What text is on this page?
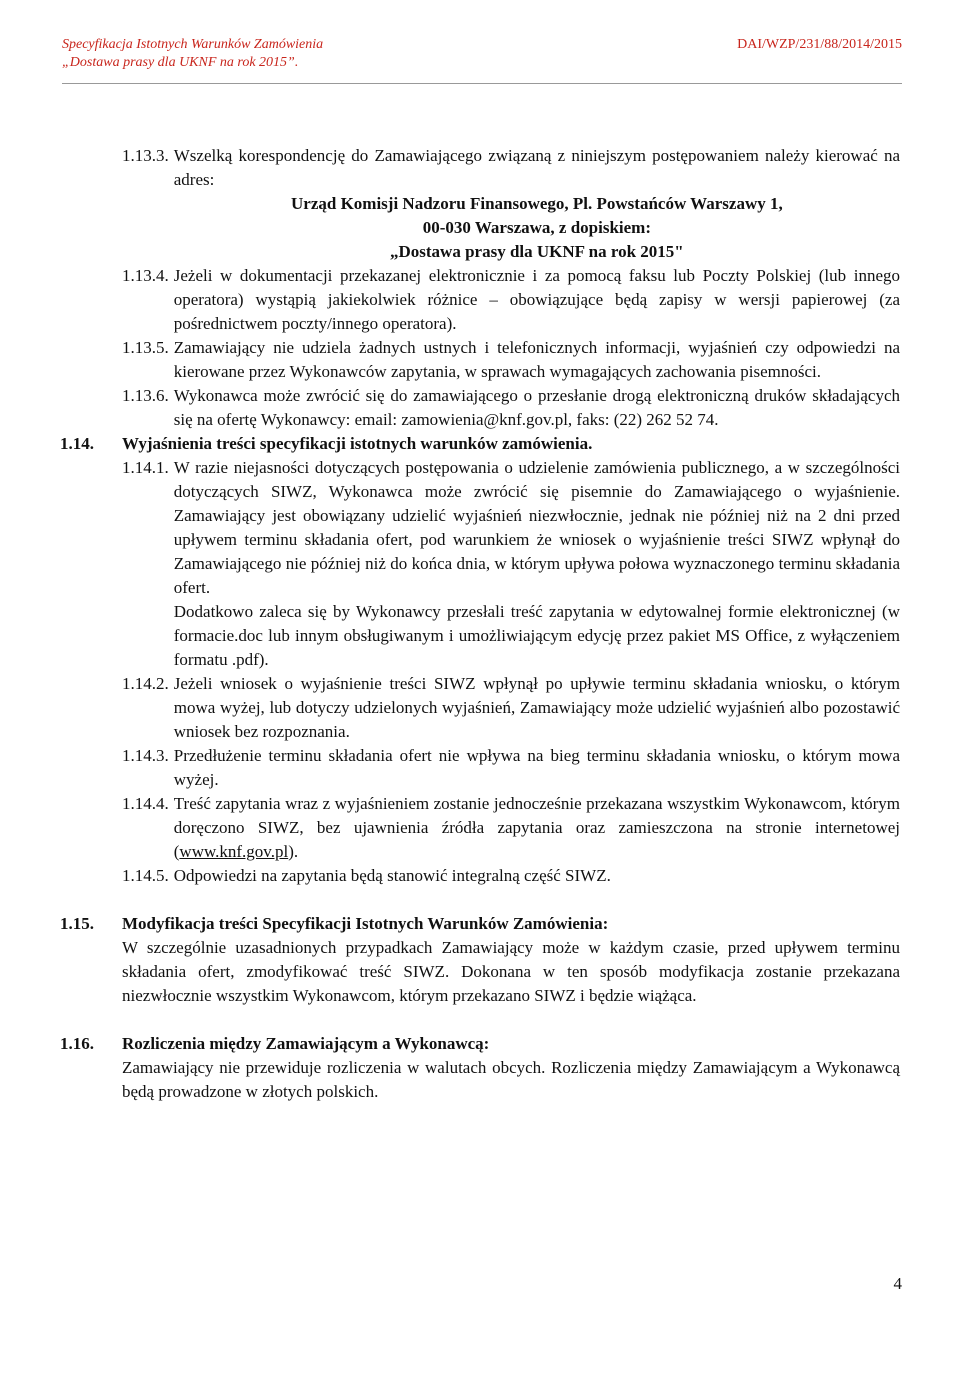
Specyfikacja Istotnych Warunków Zamówienia
„Dostawa prasy dla UKNF na rok 2015”.
DAI/WZP/231/88/2014/2015
1.13.3. Wszelką korespondencję do Zamawiającego związaną z niniejszym postępowaniem należy kierować na adres:
Urząd Komisji Nadzoru Finansowego, Pl. Powstańców Warszawy 1,
00-030 Warszawa, z dopiskiem:
„Dostawa prasy dla UKNF na rok 2015"
1.13.4. Jeżeli w dokumentacji przekazanej elektronicznie i za pomocą faksu lub Poczty Polskiej (lub innego operatora) wystąpią jakiekolwiek różnice – obowiązujące będą zapisy w wersji papierowej (za pośrednictwem poczty/innego operatora).
1.13.5. Zamawiający nie udziela żadnych ustnych i telefonicznych informacji, wyjaśnień czy odpowiedzi na kierowane przez Wykonawców zapytania, w sprawach wymagających zachowania pisemności.
1.13.6. Wykonawca może zwrócić się do zamawiającego o przesłanie drogą elektroniczną druków składających się na ofertę Wykonawcy: email: zamowienia@knf.gov.pl, faks: (22) 262 52 74.
1.14.	Wyjaśnienia treści specyfikacji istotnych warunków zamówienia.
1.14.1. W razie niejasności dotyczących postępowania o udzielenie zamówienia publicznego, a w szczególności dotyczących SIWZ, Wykonawca może zwrócić się pisemnie do Zamawiającego o wyjaśnienie. Zamawiający jest obowiązany udzielić wyjaśnień niezwłocznie, jednak nie później niż na 2 dni przed upływem terminu składania ofert, pod warunkiem że wniosek o wyjaśnienie treści SIWZ wpłynął do Zamawiającego nie później niż do końca dnia, w którym upływa połowa wyznaczonego terminu składania ofert.
Dodatkowo zaleca się by Wykonawcy przesłali treść zapytania w edytowalnej formie elektronicznej (w formacie.doc lub innym obsługiwanym i umożliwiającym edycję przez pakiet MS Office, z wyłączeniem formatu .pdf).
1.14.2. Jeżeli wniosek o wyjaśnienie treści SIWZ wpłynął po upływie terminu składania wniosku, o którym mowa wyżej, lub dotyczy udzielonych wyjaśnień, Zamawiający może udzielić wyjaśnień albo pozostawić wniosek bez rozpoznania.
1.14.3. Przedłużenie terminu składania ofert nie wpływa na bieg terminu składania wniosku, o którym mowa wyżej.
1.14.4. Treść zapytania wraz z wyjaśnieniem zostanie jednocześnie przekazana wszystkim Wykonawcom, którym doręczono SIWZ, bez ujawnienia źródła zapytania oraz zamieszczona na stronie internetowej (www.knf.gov.pl).
1.14.5. Odpowiedzi na zapytania będą stanowić integralną część SIWZ.
1.15.	Modyfikacja treści Specyfikacji Istotnych Warunków Zamówienia:
W szczególnie uzasadnionych przypadkach Zamawiający może w każdym czasie, przed upływem terminu składania ofert, zmodyfikować treść SIWZ. Dokonana w ten sposób modyfikacja zostanie przekazana niezwłocznie wszystkim Wykonawcom, którym przekazano SIWZ i będzie wiążąca.
1.16.	Rozliczenia między Zamawiającym a Wykonawcą:
Zamawiający nie przewiduje rozliczenia w walutach obcych. Rozliczenia między Zamawiającym a Wykonawcą będą prowadzone w złotych polskich.
4
